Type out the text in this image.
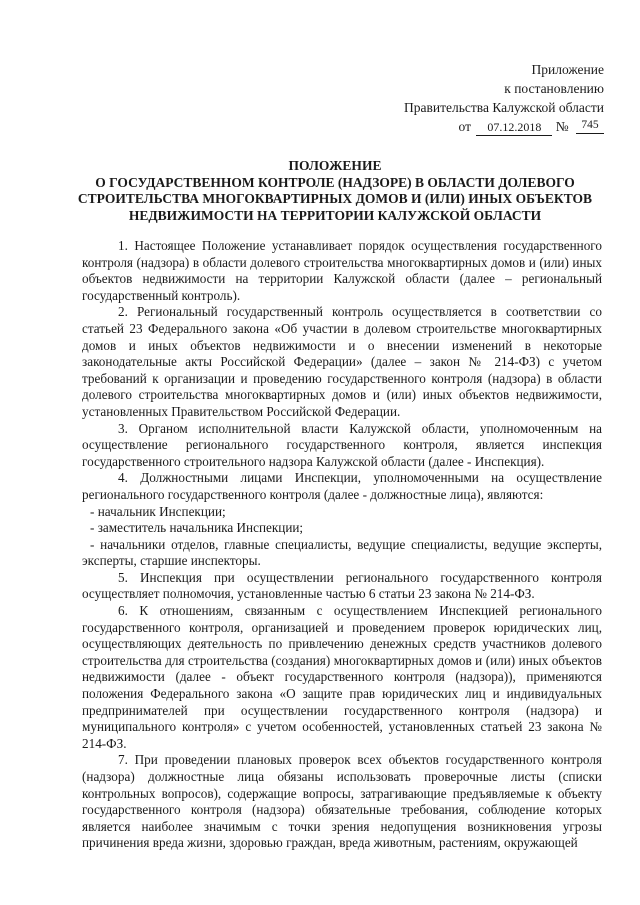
Приложение
к постановлению
Правительства Калужской области
от 07.12.2018 № 745
ПОЛОЖЕНИЕ
О ГОСУДАРСТВЕННОМ КОНТРОЛЕ (НАДЗОРЕ) В ОБЛАСТИ ДОЛЕВОГО
СТРОИТЕЛЬСТВА МНОГОКВАРТИРНЫХ ДОМОВ И (ИЛИ) ИНЫХ ОБЪЕКТОВ
НЕДВИЖИМОСТИ НА ТЕРРИТОРИИ КАЛУЖСКОЙ ОБЛАСТИ

1. Настоящее Положение устанавливает порядок осуществления государственного контроля (надзора) в области долевого строительства многоквартирных домов и (или) иных объектов недвижимости на территории Калужской области (далее – региональный государственный контроль).

2. Региональный государственный контроль осуществляется в соответствии со статьей 23 Федерального закона «Об участии в долевом строительстве многоквартирных домов и иных объектов недвижимости и о внесении изменений в некоторые законодательные акты Российской Федерации» (далее – закон № 214-ФЗ) с учетом требований к организации и проведению государственного контроля (надзора) в области долевого строительства многоквартирных домов и (или) иных объектов недвижимости, установленных Правительством Российской Федерации.

3. Органом исполнительной власти Калужской области, уполномоченным на осуществление регионального государственного контроля, является инспекция государственного строительного надзора Калужской области (далее - Инспекция).

4. Должностными лицами Инспекции, уполномоченными на осуществление регионального государственного контроля (далее - должностные лица), являются:

- начальник Инспекции;

- заместитель начальника Инспекции;

- начальники отделов, главные специалисты, ведущие специалисты, ведущие эксперты, эксперты, старшие инспекторы.

5. Инспекция при осуществлении регионального государственного контроля осуществляет полномочия, установленные частью 6 статьи 23 закона № 214-ФЗ.

6. К отношениям, связанным с осуществлением Инспекцией регионального государственного контроля, организацией и проведением проверок юридических лиц, осуществляющих деятельность по привлечению денежных средств участников долевого строительства для строительства (создания) многоквартирных домов и (или) иных объектов недвижимости (далее - объект государственного контроля (надзора)), применяются положения Федерального закона «О защите прав юридических лиц и индивидуальных предпринимателей при осуществлении государственного контроля (надзора) и муниципального контроля» с учетом особенностей, установленных статьей 23 закона № 214-ФЗ.

7. При проведении плановых проверок всех объектов государственного контроля (надзора) должностные лица обязаны использовать проверочные листы (списки контрольных вопросов), содержащие вопросы, затрагивающие предъявляемые к объекту государственного контроля (надзора) обязательные требования, соблюдение которых является наиболее значимым с точки зрения недопущения возникновения угрозы причинения вреда жизни, здоровью граждан, вреда животным, растениям, окружающей
